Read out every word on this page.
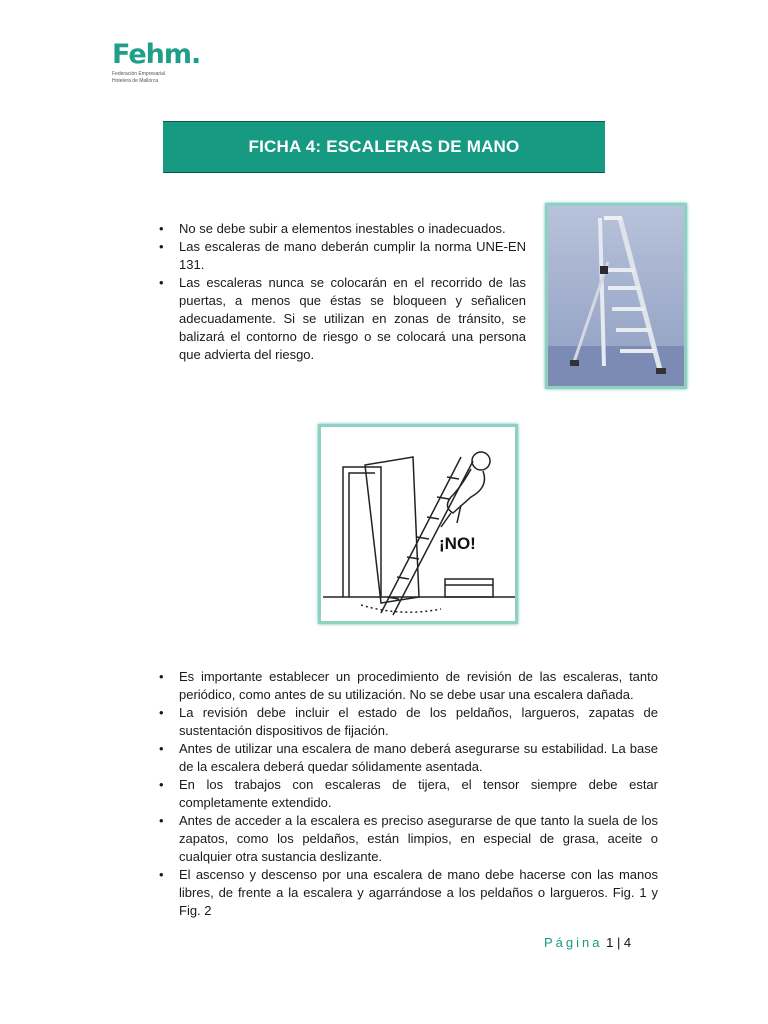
Fehm.
Federación Empresarial
Hotelera de Mallorca
FICHA 4: ESCALERAS DE MANO
• No se debe subir a elementos inestables o inadecuados.
• Las escaleras de mano deberán cumplir la norma UNE-EN 131.
• Las escaleras nunca se colocarán en el recorrido de las puertas, a menos que éstas se bloqueen y señalicen adecuadamente. Si se utilizan en zonas de tránsito, se balizará el contorno de riesgo o se colocará una persona que advierta del riesgo.
¡NO!
• Es importante establecer un procedimiento de revisión de las escaleras, tanto periódico, como antes de su utilización. No se debe usar una escalera dañada.
• La revisión debe incluir el estado de los peldaños, largueros, zapatas de sustentación dispositivos de fijación.
• Antes de utilizar una escalera de mano deberá asegurarse su estabilidad. La base de la escalera deberá quedar sólidamente asentada.
• En los trabajos con escaleras de tijera, el tensor siempre debe estar completamente extendido.
• Antes de acceder a la escalera es preciso asegurarse de que tanto la suela de los zapatos, como los peldaños, están limpios, en especial de grasa, aceite o cualquier otra sustancia deslizante.
• El ascenso y descenso por una escalera de mano debe hacerse con las manos libres, de frente a la escalera y agarrándose a los peldaños o largueros. Fig. 1 y Fig. 2
Página 1 | 4
